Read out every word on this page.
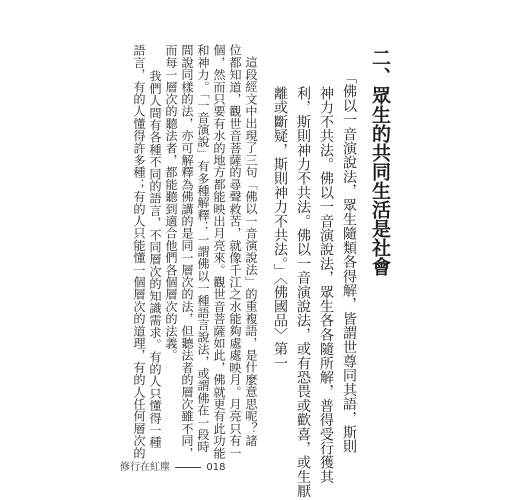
二、眾生的共同生活是社會
「佛以一音演說法，眾生隨類各得解，皆謂世尊同其語，斯則
神力不共法。佛以一音演說法，眾生各各隨所解，普得受行獲其
利，斯則神力不共法。佛以一音演說法，或有恐畏或歡喜，或生厭
離或斷疑，斯則神力不共法。」〈佛國品〉第一
這段經文中出現了三句「佛以一音演說法」的重複語，是什麼意思呢？諸
位都知道，觀世音菩薩的尋聲救苦，就像千江之水能夠處處映月。月亮只有一
個，然而只要有水的地方都能映出月亮來。觀世音菩薩如此，佛就更有此功能
和神力。「一音演說」有多種解釋：一謂佛以一種語言說法，或謂佛在一段時
間說同樣的法，亦可解釋為佛講的是同一層次的法，但聽法者的層次雖不同，
而每一層次的聽法者，都能聽到適合他們各個層次的法義。
我們人間有各種不同的語言，不同層次的知識需求。有的人只懂得一種
語言，有的人懂得許多種；有的人只能懂一個層次的道理，有的人任何層次的
修行在紅塵	018
